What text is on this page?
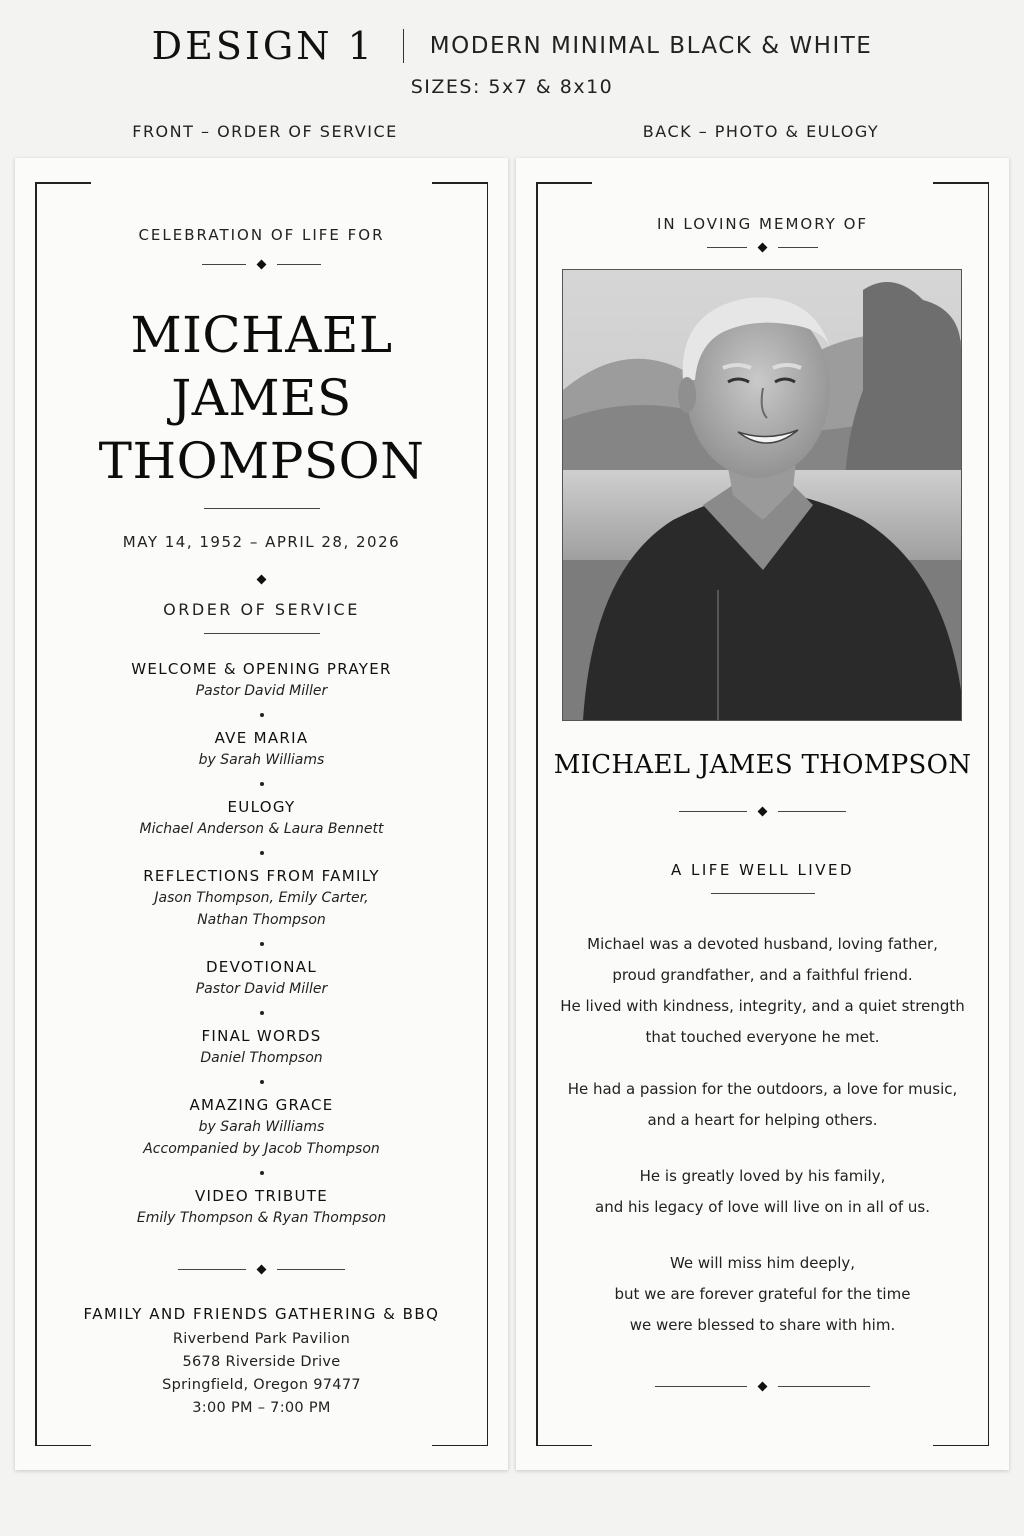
DESIGN 1 MODERN MINIMAL BLACK & WHITE
SIZES: 5x7 & 8x10
FRONT – ORDER OF SERVICE	BACK – PHOTO & EULOGY
CELEBRATION OF LIFE FOR
MICHAEL
JAMES
THOMPSON
MAY 14, 1952 – APRIL 28, 2026
ORDER OF SERVICE
WELCOME & OPENING PRAYER
Pastor David Miller
AVE MARIA
by Sarah Williams
EULOGY
Michael Anderson & Laura Bennett
REFLECTIONS FROM FAMILY
Jason Thompson, Emily Carter,
Nathan Thompson
DEVOTIONAL
Pastor David Miller
FINAL WORDS
Daniel Thompson
AMAZING GRACE
by Sarah Williams
Accompanied by Jacob Thompson
VIDEO TRIBUTE
Emily Thompson & Ryan Thompson
FAMILY AND FRIENDS GATHERING & BBQ
Riverbend Park Pavilion
5678 Riverside Drive
Springfield, Oregon 97477
3:00 PM – 7:00 PM
IN LOVING MEMORY OF
MICHAEL JAMES THOMPSON
A LIFE WELL LIVED

Michael was a devoted husband, loving father,

proud grandfather, and a faithful friend.

He lived with kindness, integrity, and a quiet strength

that touched everyone he met.

He had a passion for the outdoors, a love for music,

and a heart for helping others.

He is greatly loved by his family,

and his legacy of love will live on in all of us.

We will miss him deeply,

but we are forever grateful for the time

we were blessed to share with him.
